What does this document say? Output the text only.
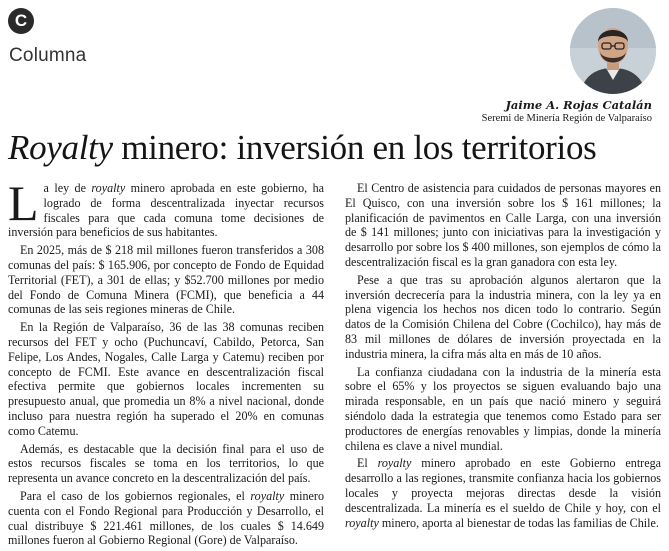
C
Columna
Jaime A. Rojas Catalán
Seremi de Minería Región de Valparaíso
Royalty minero: inversión en los territorios

La ley de royalty minero aprobada en este gobierno, ha logrado de forma descentralizada inyectar recursos fiscales para que cada comuna tome decisiones de inversión para beneficios de sus habitantes.

En 2025, más de $ 218 mil millones fueron transferidos a 308 comunas del país: $ 165.906, por concepto de Fondo de Equidad Territorial (FET), a 301 de ellas; y $52.700 millones por medio del Fondo de Comuna Minera (FCMI), que beneficia a 44 comunas de las seis regiones mineras de Chile.

En la Región de Valparaíso, 36 de las 38 comunas reciben recursos del FET y ocho (Puchuncaví, Cabildo, Petorca, San Felipe, Los Andes, Nogales, Calle Larga y Catemu) reciben por concepto de FCMI. Este avance en descentralización fiscal efectiva permite que gobiernos locales incrementen su presupuesto anual, que promedia un 8% a nivel nacional, donde incluso para nuestra región ha superado el 20% en comunas como Catemu.

Además, es destacable que la decisión final para el uso de estos recursos fiscales se toma en los territorios, lo que representa un avance concreto en la descentralización del país.

Para el caso de los gobiernos regionales, el royalty minero cuenta con el Fondo Regional para Producción y Desarrollo, el cual distribuye $ 221.461 millones, de los cuales $ 14.649 millones fueron al Gobierno Regional (Gore) de Valparaíso.

El Centro de asistencia para cuidados de personas mayores en El Quisco, con una inversión sobre los $ 161 millones; la planificación de pavimentos en Calle Larga, con una inversión de $ 141 millones; junto con iniciativas para la investigación y desarrollo por sobre los $ 400 millones, son ejemplos de cómo la descentralización fiscal es la gran ganadora con esta ley.

Pese a que tras su aprobación algunos alertaron que la inversión decrecería para la industria minera, con la ley ya en plena vigencia los hechos nos dicen todo lo contrario. Según datos de la Comisión Chilena del Cobre (Cochilco), hay más de 83 mil millones de dólares de inversión proyectada en la industria minera, la cifra más alta en más de 10 años.

La confianza ciudadana con la industria de la minería esta sobre el 65% y los proyectos se siguen evaluando bajo una mirada responsable, en un país que nació minero y seguirá siéndolo dada la estrategia que tenemos como Estado para ser productores de energías renovables y limpias, donde la minería chilena es clave a nivel mundial.

El royalty minero aprobado en este Gobierno entrega desarrollo a las regiones, transmite confianza hacia los gobiernos locales y proyecta mejoras directas desde la visión descentralizada. La minería es el sueldo de Chile y hoy, con el royalty minero, aporta al bienestar de todas las familias de Chile.
